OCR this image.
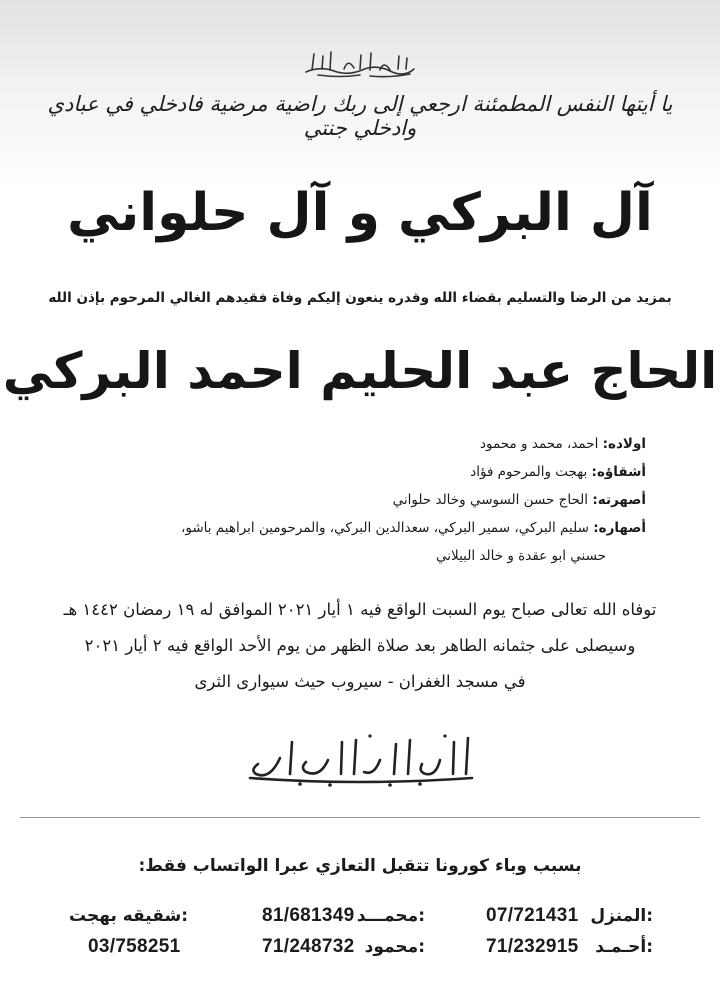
بسم الله الرحمن الرحيم
يا أيتها النفس المطمئنة ارجعي إلى ربك راضية مرضية فادخلي في عبادي وادخلي جنتي
آل البركي و آل حلواني
بمزيد من الرضا والتسليم بقضاء الله وقدره ينعون إليكم وفاة فقيدهم الغالي المرحوم بإذن الله
الحاج عبد الحليم احمد البركي
اولاده: احمد، محمد و محمود
أشقاؤه: بهجت والمرحوم فؤاد
أصهرته: الحاج حسن السوسي وخالد حلواني
أصهاره: سليم البركي، سمير البركي، سعدالدين البركي، والمرحومين ابراهيم باشو،
حسني ابو عقدة و خالد البيلاني
توفاه الله تعالى صباح يوم السبت الواقع فيه ١ أيار ٢٠٢١ الموافق له ١٩ رمضان ١٤٤٢ هـ
وسيصلى على جثمانه الطاهر بعد صلاة الظهر من يوم الأحد الواقع فيه ٢ أيار ٢٠٢١
في مسجد الغفران - سيروب حيث سيوارى الثرى
إنا لله وإنا إليه راجعون
بسبب وباء كورونا تتقبل التعازي عبرا الواتساب فقط:
المنزل:
07/721431
أحـمـد:
71/232915
محمـــد:
81/681349
محمود:
71/248732
شقيقه بهجت:
03/758251
